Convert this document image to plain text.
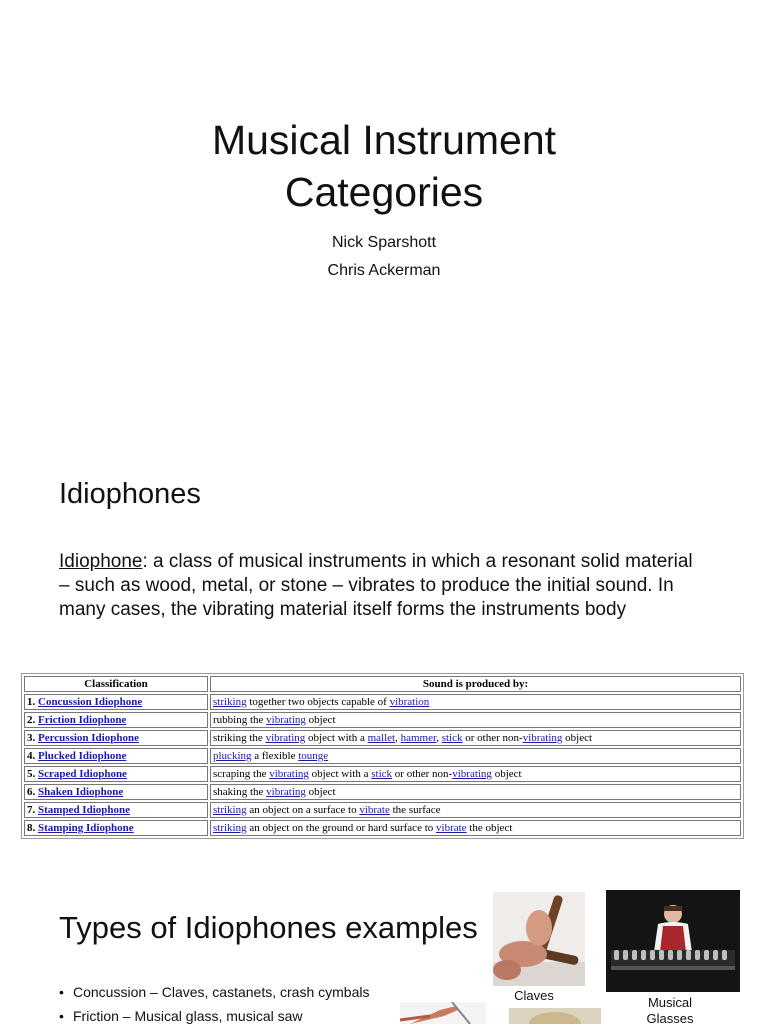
Musical Instrument
Categories
Nick Sparshott
Chris Ackerman
Idiophones
Idiophone: a class of musical instruments in which a resonant solid material – such as wood, metal, or stone – vibrates to produce the initial sound. In many cases, the vibrating material itself forms the instruments body
Classification	Sound is produced by:
1. Concussion Idiophone	striking together two objects capable of vibration
2. Friction Idiophone	rubbing the vibrating object
3. Percussion Idiophone	striking the vibrating object with a mallet, hammer, stick or other non-vibrating object
4. Plucked Idiophone	plucking a flexible tounge
5. Scraped Idiophone	scraping the vibrating object with a stick or other non-vibrating object
6. Shaken Idiophone	shaking the vibrating object
7. Stamped Idiophone	striking an object on a surface to vibrate the surface
8. Stamping Idiophone	striking an object on the ground or hard surface to vibrate the object
Types of Idiophones examples
• Concussion – Claves, castanets, crash cymbals
• Friction – Musical glass, musical saw
Claves	Musical
Glasses
